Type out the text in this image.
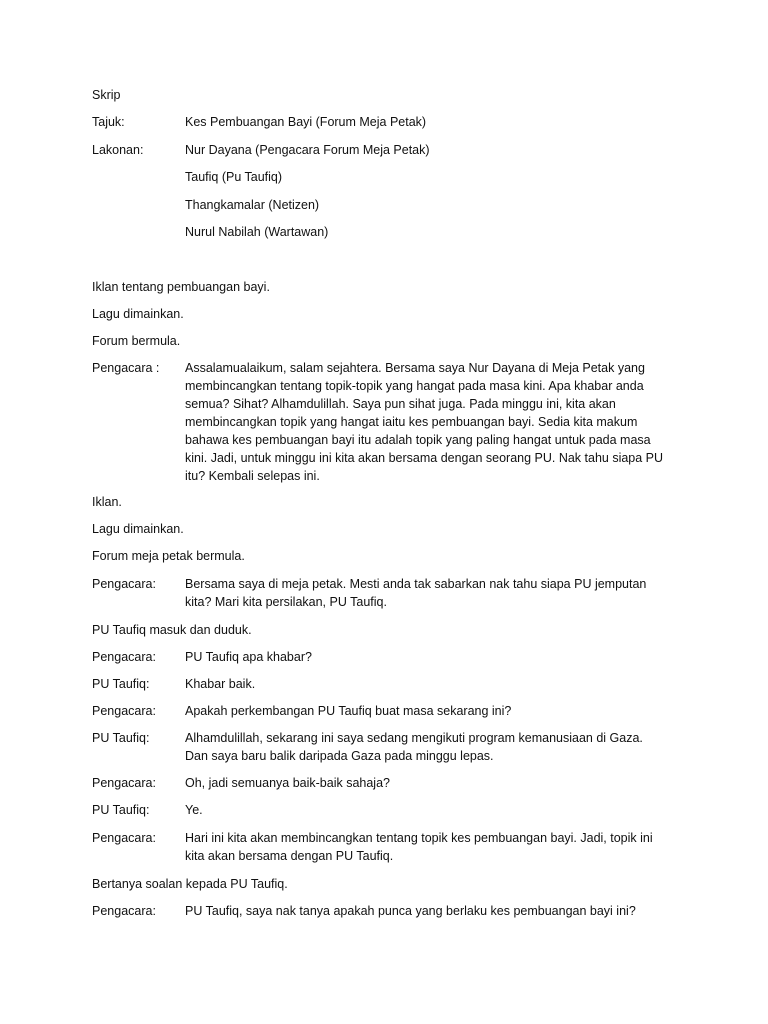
Skrip
Tajuk:	Kes Pembuangan Bayi (Forum Meja Petak)
Lakonan:	Nur Dayana (Pengacara Forum Meja Petak)
Taufiq (Pu Taufiq)
Thangkamalar (Netizen)
Nurul Nabilah (Wartawan)
Iklan tentang pembuangan bayi.
Lagu dimainkan.
Forum bermula.
Pengacara : Assalamualaikum, salam sejahtera. Bersama saya Nur Dayana di Meja Petak yang
membincangkan tentang topik-topik yang hangat pada masa kini. Apa khabar anda
semua? Sihat? Alhamdulillah. Saya pun sihat juga. Pada minggu ini, kita akan
membincangkan topik yang hangat iaitu kes pembuangan bayi. Sedia kita makum
bahawa kes pembuangan bayi itu adalah topik yang paling hangat untuk pada masa
kini. Jadi, untuk minggu ini kita akan bersama dengan seorang PU. Nak tahu siapa PU
itu? Kembali selepas ini.
Iklan.
Lagu dimainkan.
Forum meja petak bermula.
Pengacara: Bersama saya di meja petak. Mesti anda tak sabarkan nak tahu siapa PU jemputan
kita? Mari kita persilakan, PU Taufiq.
PU Taufiq masuk dan duduk.
Pengacara: PU Taufiq apa khabar?
PU Taufiq:	Khabar baik.
Pengacara: Apakah perkembangan PU Taufiq buat masa sekarang ini?
PU Taufiq:	Alhamdulillah, sekarang ini saya sedang mengikuti program kemanusiaan di Gaza.
Dan saya baru balik daripada Gaza pada minggu lepas.
Pengacara: Oh, jadi semuanya baik-baik sahaja?
PU Taufiq:	Ye.
Pengacara: Hari ini kita akan membincangkan tentang topik kes pembuangan bayi. Jadi, topik ini
kita akan bersama dengan PU Taufiq.
Bertanya soalan kepada PU Taufiq.
Pengacara: PU Taufiq, saya nak tanya apakah punca yang berlaku kes pembuangan bayi ini?
